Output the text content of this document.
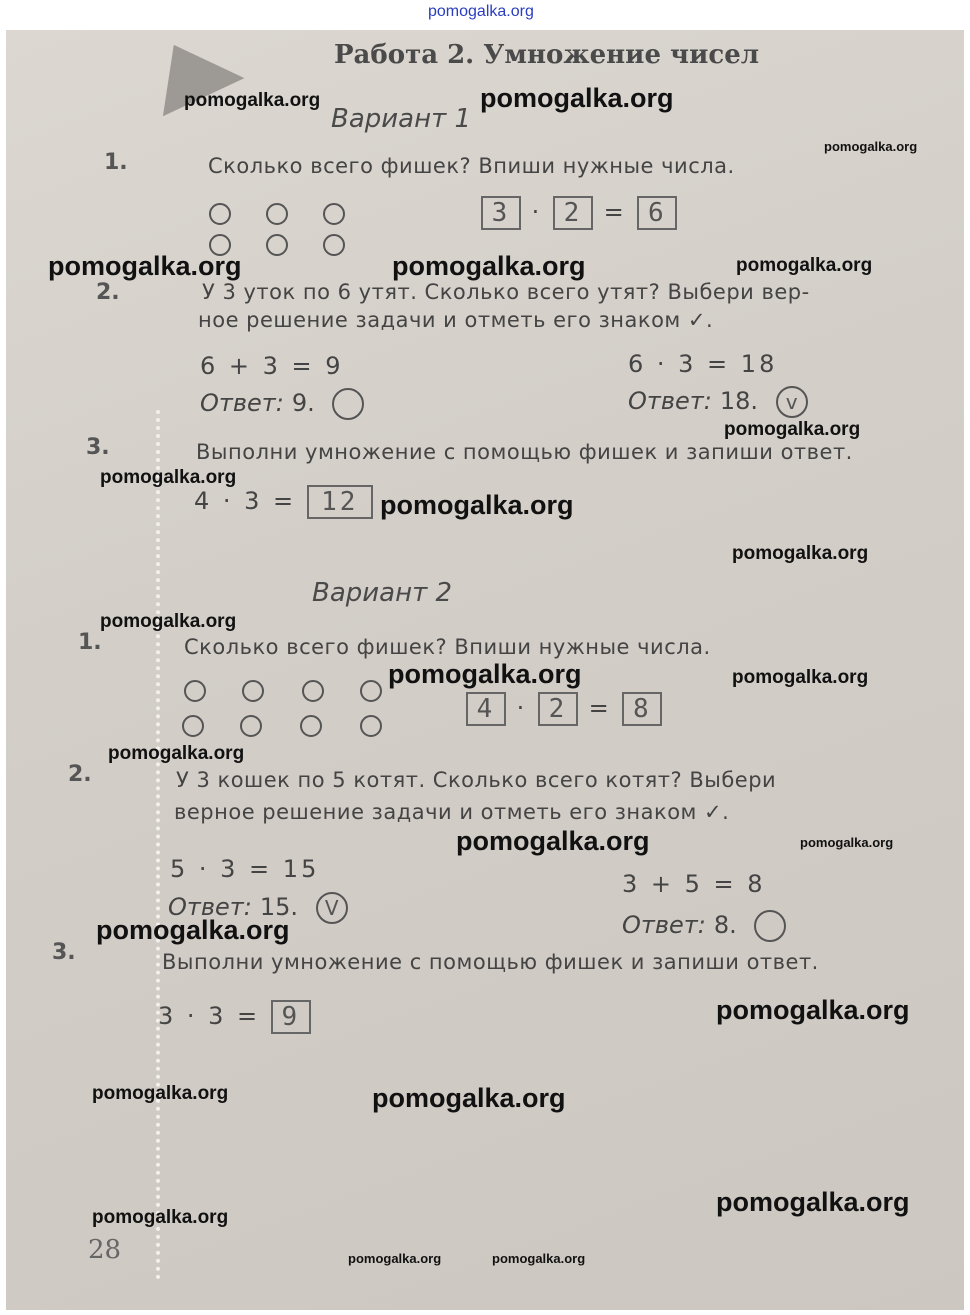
pomogalka.org
Работа 2. Умножение чисел
Вариант 1
1.	Сколько всего фишек? Впиши нужные числа.
3 · 2 = 6
2.	У 3 уток по 6 утят. Сколько всего утят? Выбери вер-
ное решение задачи и отметь его знаком ✓.
6 + 3 = 9
Ответ: 9.
6 · 3 = 18
Ответ: 18. v
3.	Выполни умножение с помощью фишек и запиши ответ.
4 · 3 = 12
Вариант 2
1.	Сколько всего фишек? Впиши нужные числа.
4 · 2 = 8
2.	У 3 кошек по 5 котят. Сколько всего котят? Выбери
верное решение задачи и отметь его знаком ✓.
5 · 3 = 15
Ответ: 15. V
3 + 5 = 8
Ответ: 8.
3.	Выполни умножение с помощью фишек и запиши ответ.
3 · 3 = 9
28
pomogalka.org	pomogalka.org
pomogalka.org
pomogalka.org	pomogalka.org	pomogalka.org
pomogalka.org
pomogalka.org
pomogalka.org
pomogalka.org
pomogalka.org
pomogalka.org	pomogalka.org
pomogalka.org
pomogalka.org	pomogalka.org
pomogalka.org
pomogalka.org
pomogalka.org	pomogalka.org
pomogalka.org
pomogalka.org
pomogalka.org	pomogalka.org
